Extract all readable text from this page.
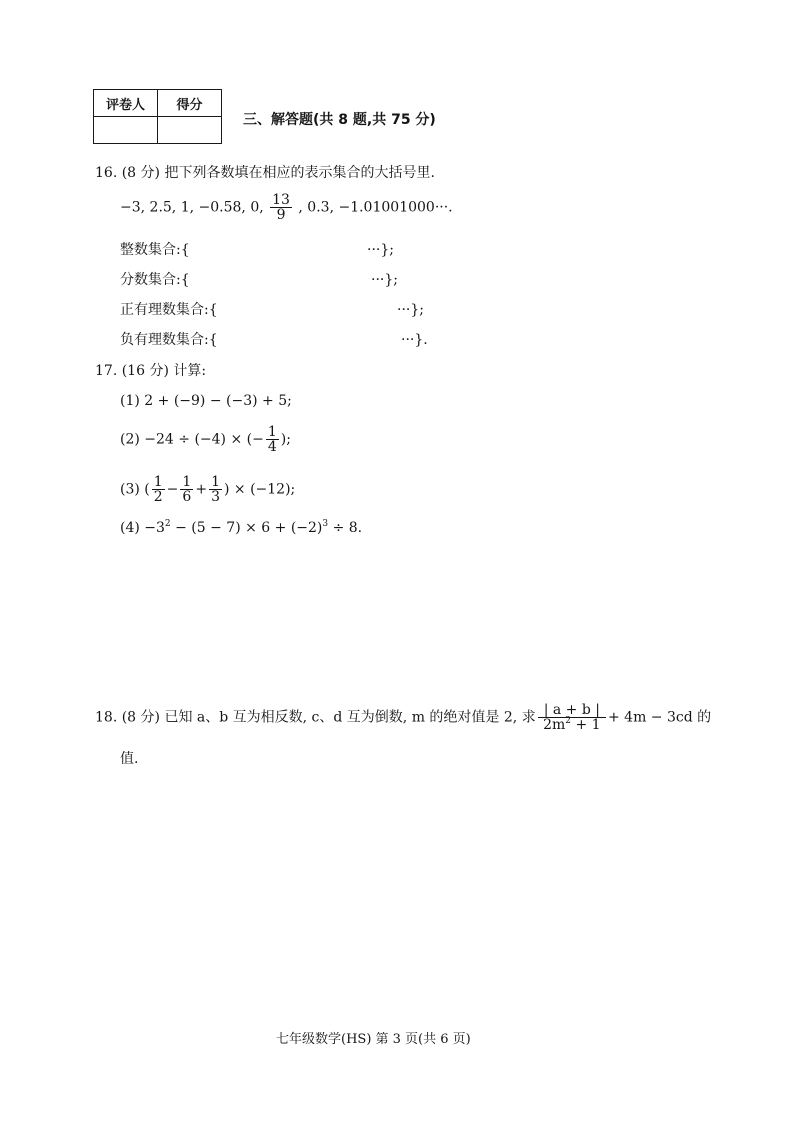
评卷人	得分

三、解答题(共 8 题,共 75 分)
16. (8 分) 把下列各数填在相应的表示集合的大括号里.
−3, 2.5, 1, −0.58, 0, $\frac{13}{9}$ , 0.3, −1.01001000···.
整数集合:{	···};
分数集合:{	···};
正有理数集合:{	···};
负有理数集合:{	···}.
17. (16 分) 计算:
(1) 2 + (−9) − (−3) + 5;
(2) −24 ÷ (−4) × (− $\frac{1}{4}$ );
(3) ( $\frac{1}{2} - \frac{1}{6} + \frac{1}{3}$ ) × (−12);
$(4) -3^2 - (5 - 7) \times 6 + (-2)^3 \div 8$.
18. (8 分) 已知 a、b 互为相反数, c、d 互为倒数, m 的绝对值是 2, 求 $\frac{| a + b |}{2m^2 + 1} + 4m - 3cd$ 的
值.
七年级数学(HS) 第 3 页(共 6 页)
